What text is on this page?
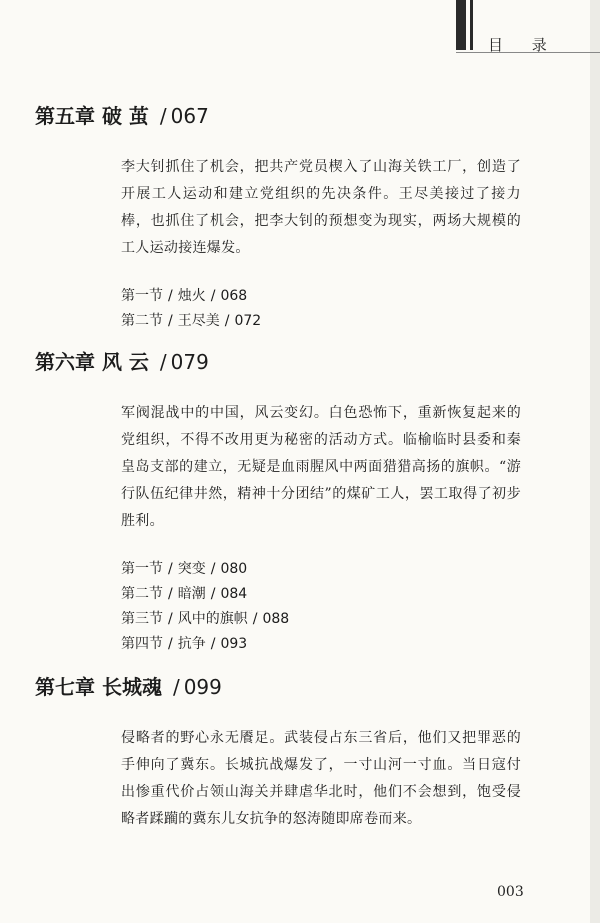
目 录
第五章 破 茧 / 067

李大钊抓住了机会，把共产党员楔入了山海关铁工厂，创造了开展工人运动和建立党组织的先决条件。王尽美接过了接力棒，也抓住了机会，把李大钊的预想变为现实，两场大规模的工人运动接连爆发。

第一节 / 烛火 / 068
第二节 / 王尽美 / 072
第六章 风 云 / 079

军阀混战中的中国，风云变幻。白色恐怖下，重新恢复起来的党组织，不得不改用更为秘密的活动方式。临榆临时县委和秦皇岛支部的建立，无疑是血雨腥风中两面猎猎高扬的旗帜。“游行队伍纪律井然，精神十分团结”的煤矿工人，罢工取得了初步胜利。

第一节 / 突变 / 080
第二节 / 暗潮 / 084
第三节 / 风中的旗帜 / 088
第四节 / 抗争 / 093
第七章 长城魂 / 099

侵略者的野心永无餍足。武装侵占东三省后，他们又把罪恶的手伸向了冀东。长城抗战爆发了，一寸山河一寸血。当日寇付出惨重代价占领山海关并肆虐华北时，他们不会想到，饱受侵略者蹂躏的冀东儿女抗争的怒涛随即席卷而来。

003
